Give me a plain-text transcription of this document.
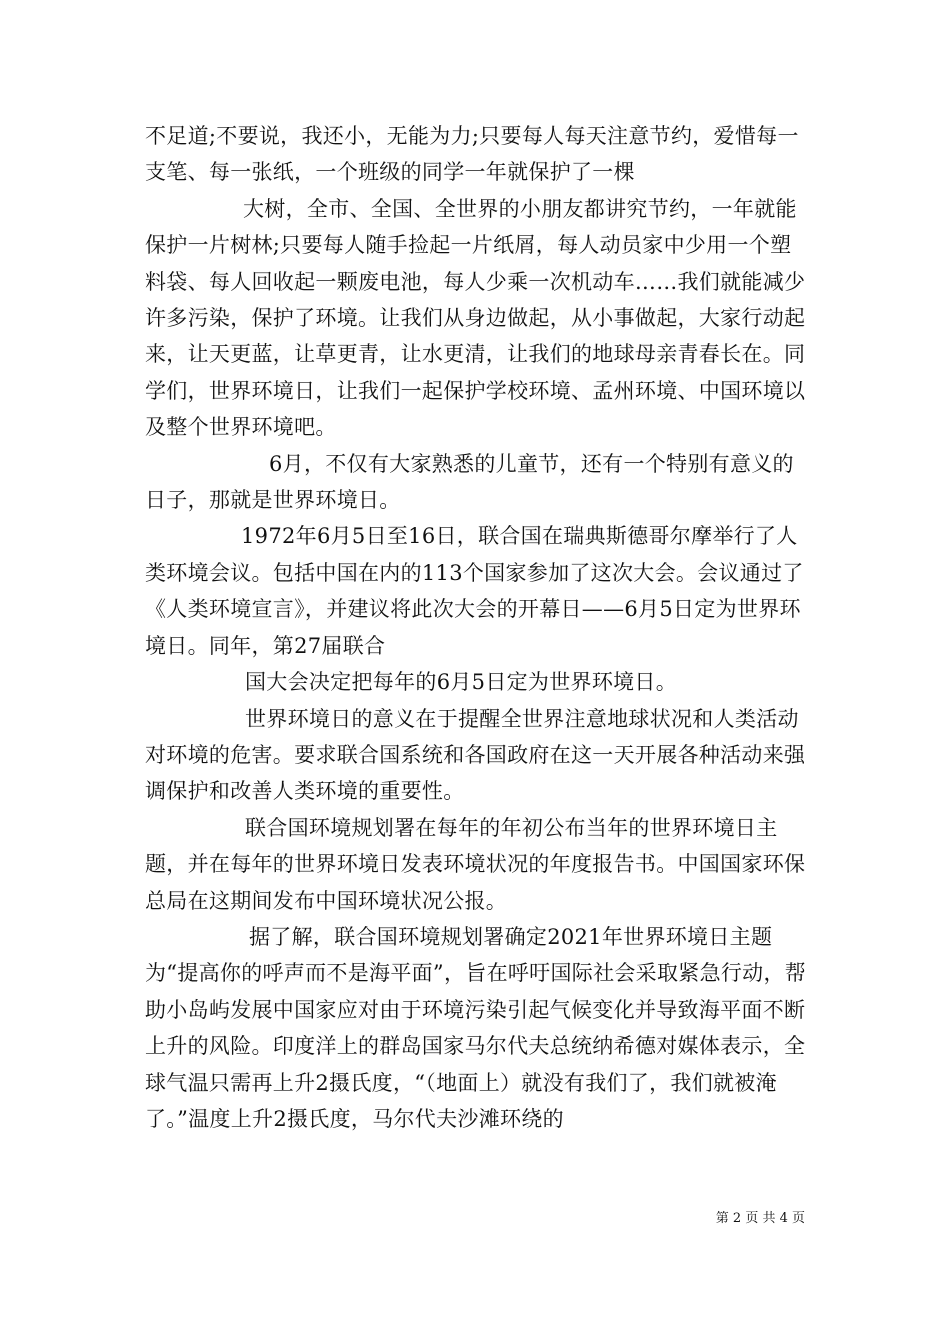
不足道;不要说，我还小，无能为力;只要每人每天注意节约，爱惜每一支笔、每一张纸，一个班级的同学一年就保护了一棵

大树，全市、全国、全世界的小朋友都讲究节约，一年就能保护一片树林;只要每人随手捡起一片纸屑，每人动员家中少用一个塑料袋、每人回收起一颗废电池，每人少乘一次机动车……我们就能减少许多污染，保护了环境。让我们从身边做起，从小事做起，大家行动起来，让天更蓝，让草更青，让水更清，让我们的地球母亲青春长在。同学们，世界环境日，让我们一起保护学校环境、孟州环境、中国环境以及整个世界环境吧。

6月，不仅有大家熟悉的儿童节，还有一个特别有意义的日子，那就是世界环境日。

1972年6月5日至16日，联合国在瑞典斯德哥尔摩举行了人类环境会议。包括中国在内的113个国家参加了这次大会。会议通过了《人类环境宣言》，并建议将此次大会的开幕日——6月5日定为世界环境日。同年，第27届联合

国大会决定把每年的6月5日定为世界环境日。

世界环境日的意义在于提醒全世界注意地球状况和人类活动对环境的危害。要求联合国系统和各国政府在这一天开展各种活动来强调保护和改善人类环境的重要性。

联合国环境规划署在每年的年初公布当年的世界环境日主题，并在每年的世界环境日发表环境状况的年度报告书。中国国家环保总局在这期间发布中国环境状况公报。

据了解，联合国环境规划署确定2021年世界环境日主题为“提高你的呼声而不是海平面”，旨在呼吁国际社会采取紧急行动，帮助小岛屿发展中国家应对由于环境污染引起气候变化并导致海平面不断上升的风险。印度洋上的群岛国家马尔代夫总统纳希德对媒体表示，全球气温只需再上升2摄氏度，“（地面上）就没有我们了，我们就被淹了。”温度上升2摄氏度，马尔代夫沙滩环绕的

第 2 页 共 4 页
